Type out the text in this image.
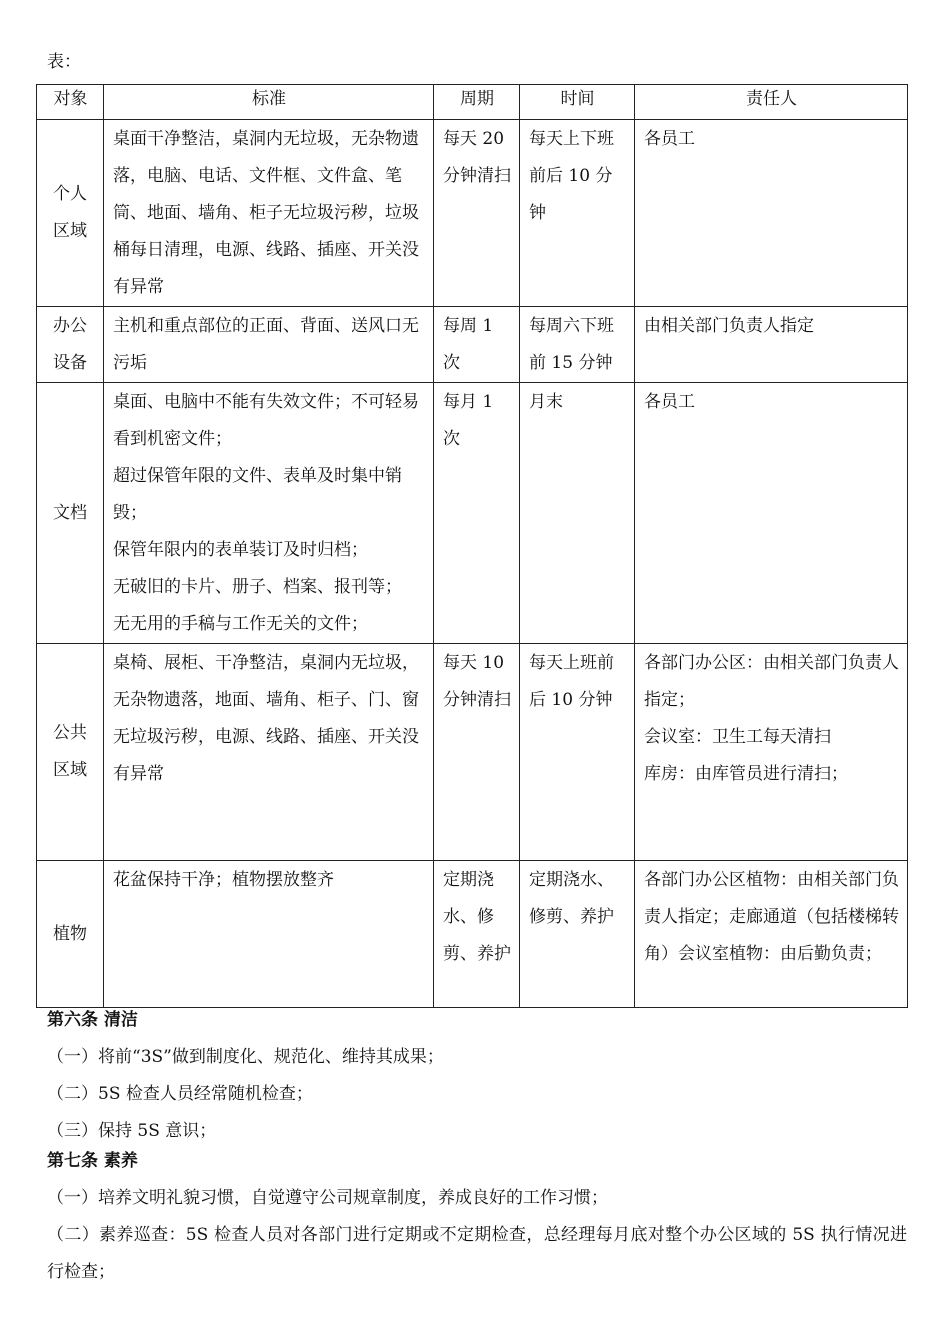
表：
对象	标准	周期	时间	责任人

个人
区域	桌面干净整洁，桌洞内无垃圾，无杂物遗落，电脑、电话、文件框、文件盒、笔筒、地面、墙角、柜子无垃圾污秽，垃圾桶每日清理，电源、线路、插座、开关没有异常	每天 20 分钟清扫	每天上下班前后 10 分钟	各员工

办公
设备	主机和重点部位的正面、背面、送风口无污垢	每周 1 次	每周六下班前 15 分钟	由相关部门负责人指定

文档	桌面、电脑中不能有失效文件；不可轻易看到机密文件；
超过保管年限的文件、表单及时集中销毁；
保管年限内的表单装订及时归档；
无破旧的卡片、册子、档案、报刊等；
无无用的手稿与工作无关的文件；	每月 1 次	月末	各员工

公共
区域	桌椅、展柜、干净整洁，桌洞内无垃圾，无杂物遗落，地面、墙角、柜子、门、窗无垃圾污秽，电源、线路、插座、开关没有异常	每天 10 分钟清扫	每天上班前后 10 分钟	各部门办公区：由相关部门负责人指定；
会议室：卫生工每天清扫
库房：由库管员进行清扫；

植物	花盆保持干净；植物摆放整齐	定期浇水、修剪、养护	定期浇水、修剪、养护	各部门办公区植物：由相关部门负责人指定；走廊通道（包括楼梯转角）会议室植物：由后勤负责；
第六条 清洁
（一）将前“3S”做到制度化、规范化、维持其成果；
（二）5S 检查人员经常随机检查；
（三）保持 5S 意识；
第七条 素养
（一）培养文明礼貌习惯，自觉遵守公司规章制度，养成良好的工作习惯；
（二）素养巡查：5S 检查人员对各部门进行定期或不定期检查，总经理每月底对整个办公区域的 5S 执行情况进行检查；
